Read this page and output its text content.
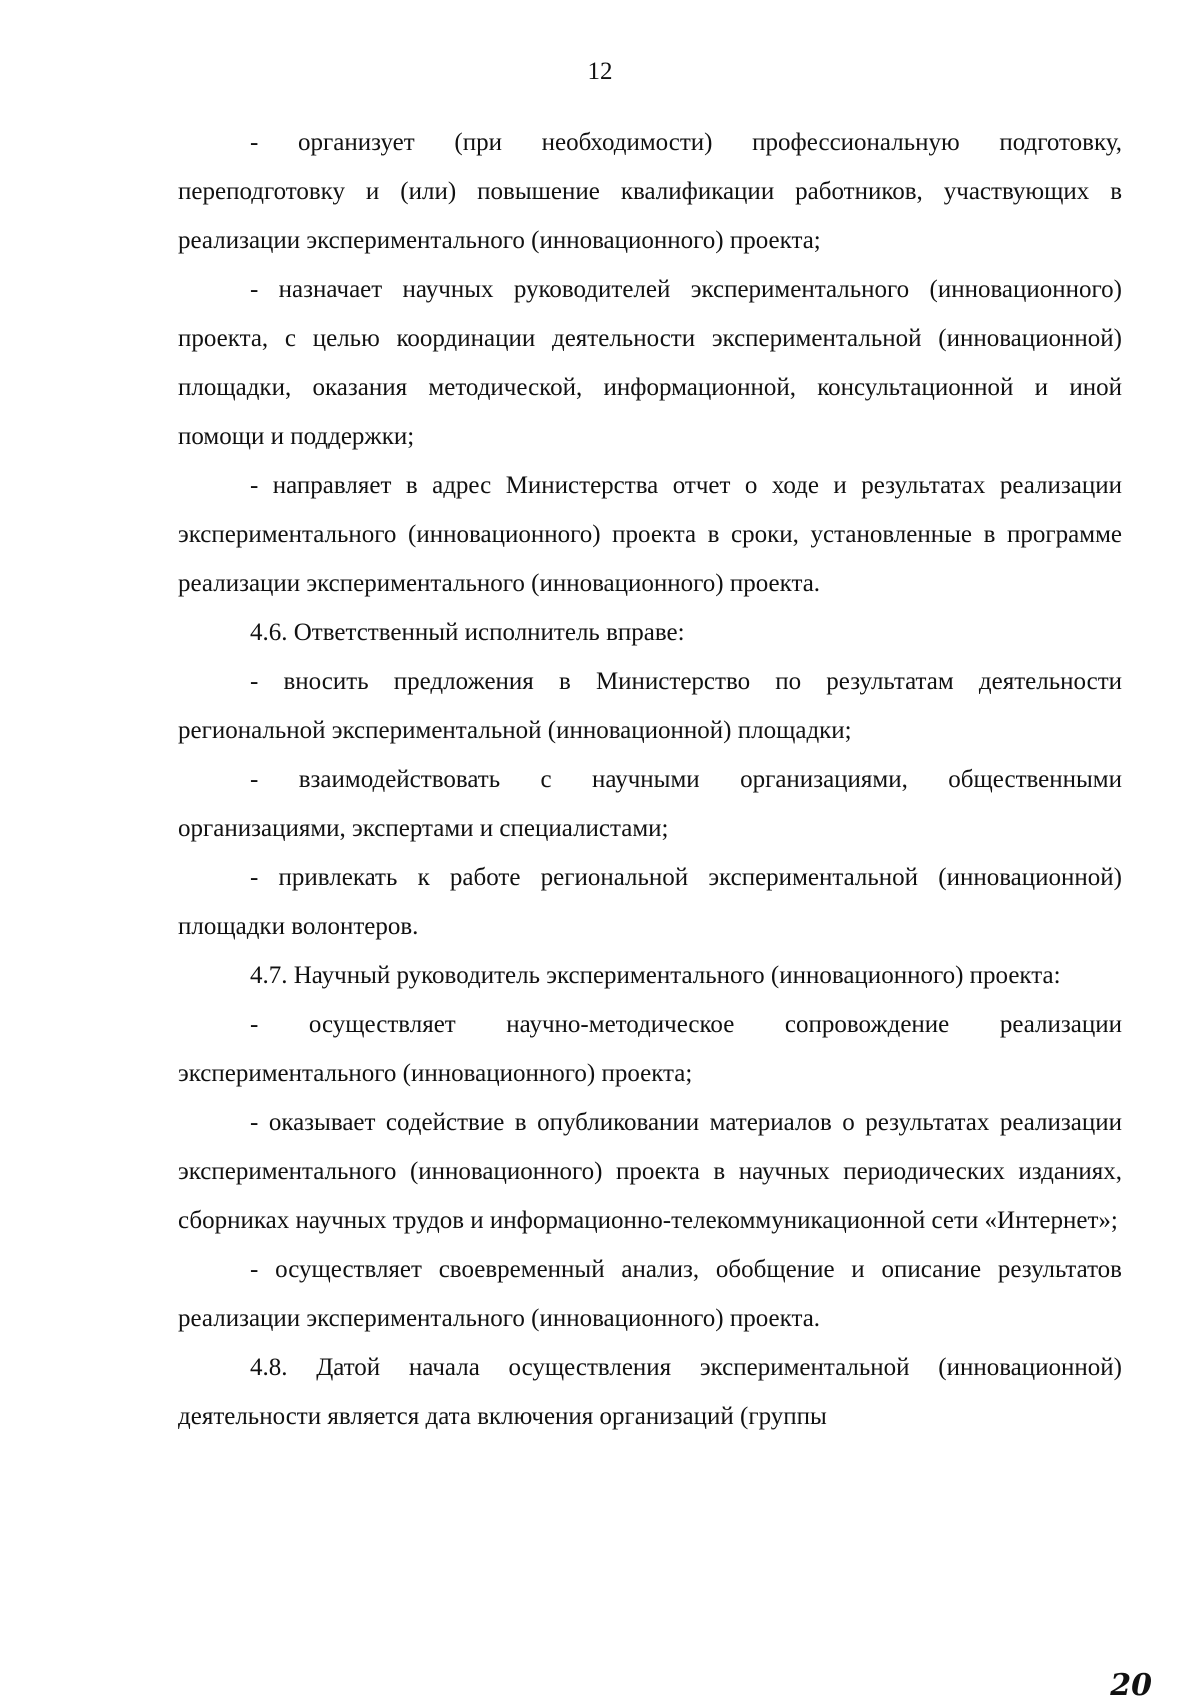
12

- организует (при необходимости) профессиональную подготовку, переподготовку и (или) повышение квалификации работников, участвующих в реализации экспериментального (инновационного) проекта;

- назначает научных руководителей экспериментального (инновационного) проекта, с целью координации деятельности экспериментальной (инновационной) площадки, оказания методической, информационной, консультационной и иной помощи и поддержки;

- направляет в адрес Министерства отчет о ходе и результатах реализации экспериментального (инновационного) проекта в сроки, установленные в программе реализации экспериментального (инновационного) проекта.

4.6. Ответственный исполнитель вправе:

- вносить предложения в Министерство по результатам деятельности региональной экспериментальной (инновационной) площадки;

- взаимодействовать с научными организациями, общественными организациями, экспертами и специалистами;

- привлекать к работе региональной экспериментальной (инновационной) площадки волонтеров.

4.7. Научный руководитель экспериментального (инновационного) проекта:

- осуществляет научно-методическое сопровождение реализации экспериментального (инновационного) проекта;

- оказывает содействие в опубликовании материалов о результатах реализации экспериментального (инновационного) проекта в научных периодических изданиях, сборниках научных трудов и информационно-телекоммуникационной сети «Интернет»;

- осуществляет своевременный анализ, обобщение и описание результатов реализации экспериментального (инновационного) проекта.

4.8. Датой начала осуществления экспериментальной (инновационной) деятельности является дата включения организаций (группы

20
